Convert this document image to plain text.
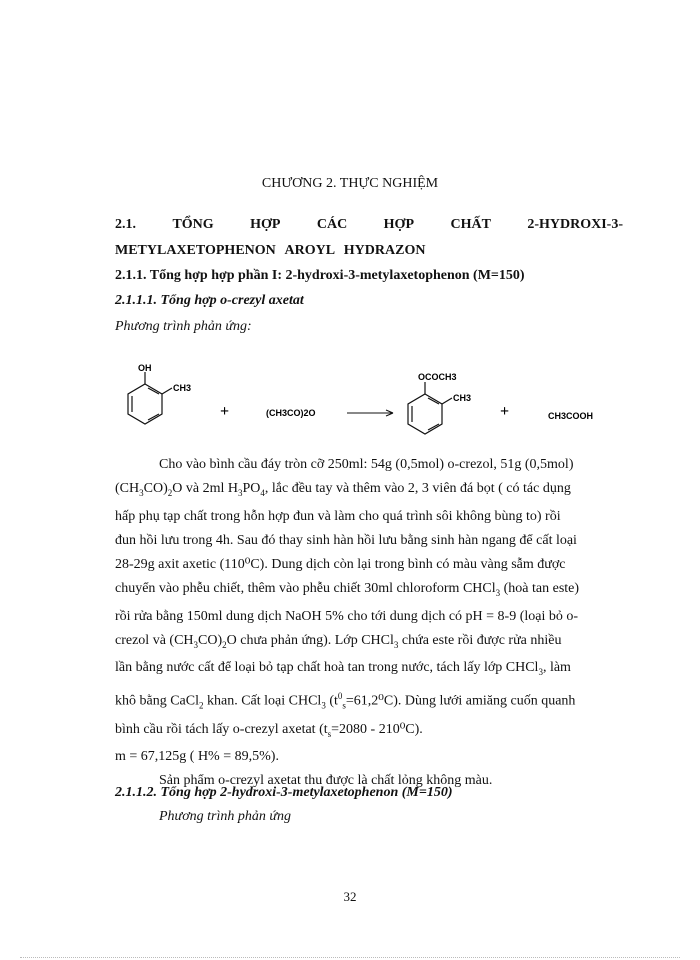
CHƯƠNG 2. THỰC NGHIỆM
2.1.	TỔNG	HỢP	CÁC	HỢP	CHẤT	2-HYDROXI-3-
METYLAXETOPHENON AROYL HYDRAZON
2.1.1. Tổng hợp hợp phần I: 2-hydroxi-3-metylaxetophenon (M=150)
2.1.1.1. Tổng hợp o-crezyl axetat
Phương trình phản ứng:
OH
CH3
+	(CH3CO)2O
OCOCH3
CH3
+	CH3COOH

Cho vào bình cầu đáy tròn cỡ 250ml: 54g (0,5mol) o-crezol, 51g (0,5mol)

$(CH_3CO)_2O$ và 2ml $H_3PO_4$, lắc đều tay và thêm vào 2, 3 viên đá bọt ( có tác dụng

hấp phụ tạp chất trong hỗn hợp đun và làm cho quá trình sôi không bùng to) rồi

đun hồi lưu trong 4h. Sau đó thay sinh hàn hồi lưu bằng sinh hàn ngang để cất loại

28-29g axit axetic (110⁰C). Dung dịch còn lại trong bình có màu vàng sẫm được

chuyển vào phễu chiết, thêm vào phễu chiết 30ml chloroform CHCl$_3$ (hoà tan este)

rồi rửa bằng 150ml dung dịch NaOH 5% cho tới dung dịch có pH = 8-9 (loại bỏ o-

crezol và $(CH_3CO)_2O$ chưa phản ứng). Lớp CHCl$_3$ chứa este rồi được rửa nhiều

lần bằng nước cất để loại bỏ tạp chất hoà tan trong nước, tách lấy lớp CHCl$_3$, làm

khô bằng CaCl$_2$ khan. Cất loại CHCl$_3$ $(t^0_s=61,2^0C)$. Dùng lưới amiăng cuốn quanh

bình cầu rồi tách lấy o-crezyl axetat $(t_s=2080 - 210^0C)$.

m = 67,125g ( H% = 89,5%).

Sản phẩm o-crezyl axetat thu được là chất lỏng không màu.

2.1.1.2. Tổng hợp 2-hydroxi-3-metylaxetophenon (M=150)
Phương trình phản ứng
32
